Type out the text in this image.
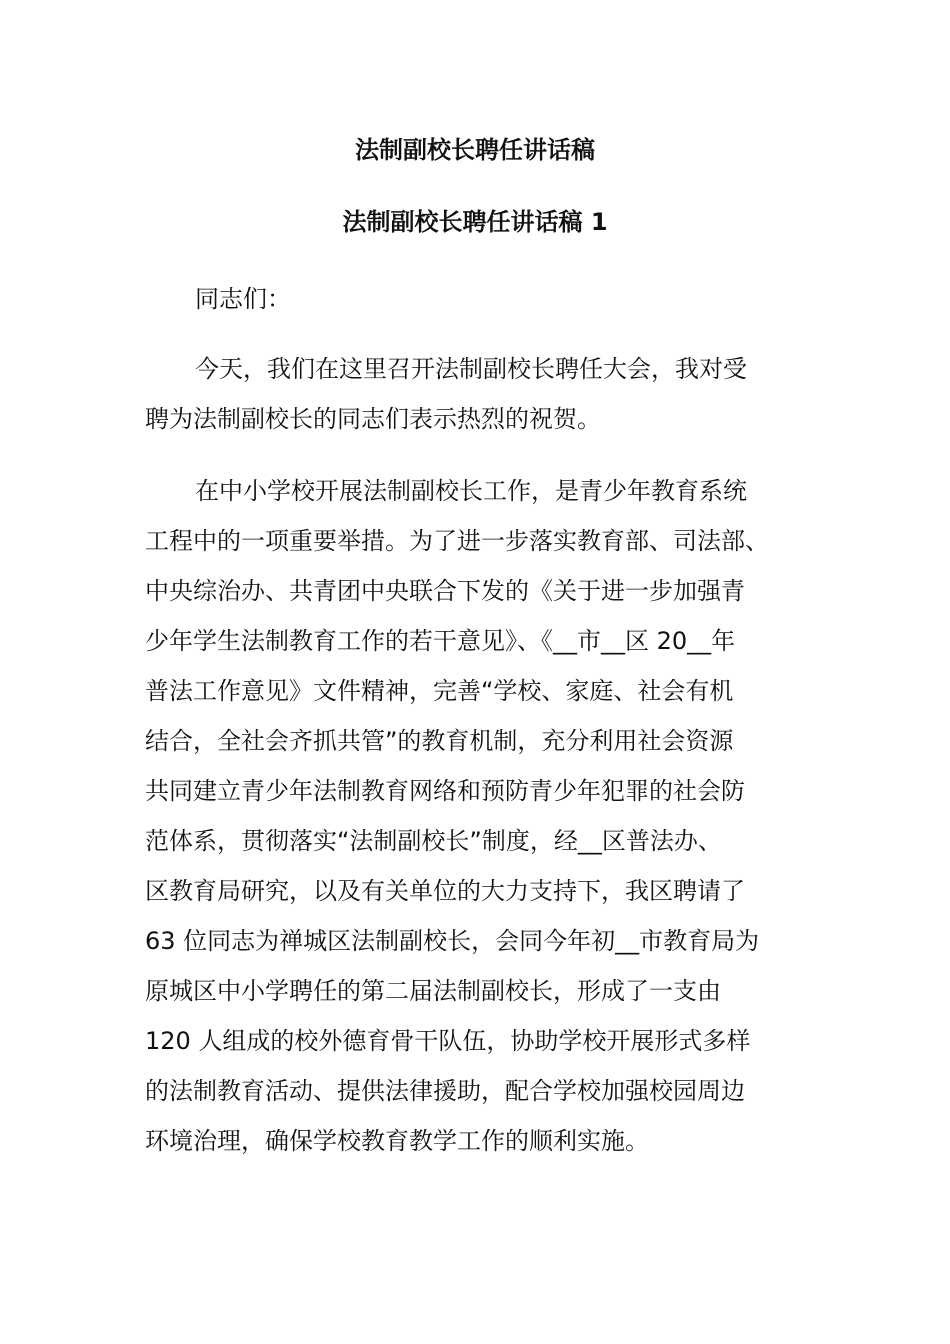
法制副校长聘任讲话稿
法制副校长聘任讲话稿 1
同志们：
今天，我们在这里召开法制副校长聘任大会，我对受
聘为法制副校长的同志们表示热烈的祝贺。
在中小学校开展法制副校长工作，是青少年教育系统
工程中的一项重要举措。为了进一步落实教育部、司法部、
中央综治办、共青团中央联合下发的《关于进一步加强青
少年学生法制教育工作的若干意见》、《__市__区 20__年
普法工作意见》文件精神，完善“学校、家庭、社会有机
结合，全社会齐抓共管”的教育机制，充分利用社会资源
共同建立青少年法制教育网络和预防青少年犯罪的社会防
范体系，贯彻落实“法制副校长”制度，经__区普法办、
区教育局研究，以及有关单位的大力支持下，我区聘请了
63 位同志为禅城区法制副校长，会同今年初__市教育局为
原城区中小学聘任的第二届法制副校长，形成了一支由
120 人组成的校外德育骨干队伍，协助学校开展形式多样
的法制教育活动、提供法律援助，配合学校加强校园周边
环境治理，确保学校教育教学工作的顺利实施。
